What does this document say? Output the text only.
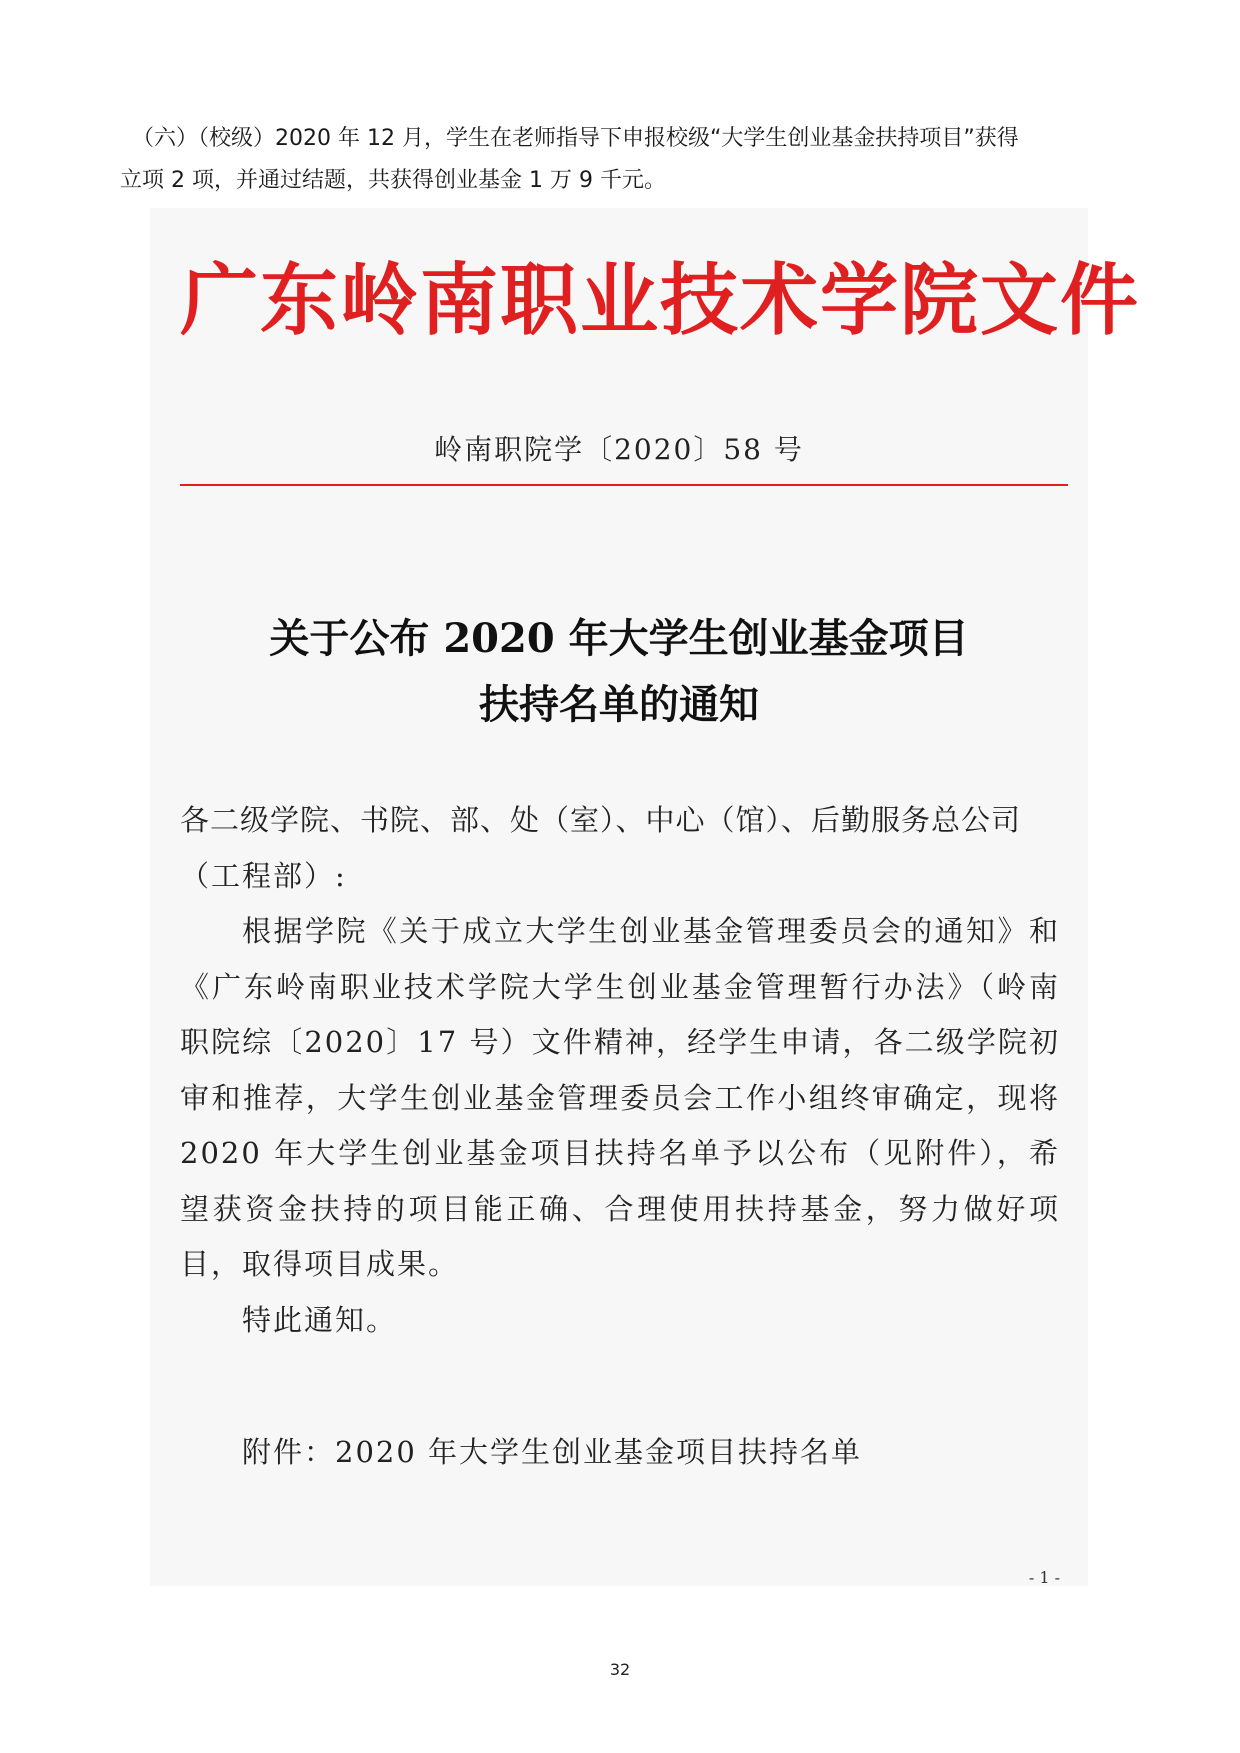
（六）（校级）2020 年 12 月，学生在老师指导下申报校级“大学生创业基金扶持项目”获得

立项 2 项，并通过结题，共获得创业基金 1 万 9 千元。

广东岭南职业技术学院文件
岭南职院学〔2020〕58 号
关于公布 2020 年大学生创业基金项目
扶持名单的通知

各二级学院、书院、部、处（室）、中心（馆）、后勤服务总公司

（工程部）:

根据学院《关于成立大学生创业基金管理委员会的通知》和《广东岭南职业技术学院大学生创业基金管理暂行办法》（岭南职院综〔2020〕17 号）文件精神，经学生申请，各二级学院初审和推荐，大学生创业基金管理委员会工作小组终审确定，现将 2020 年大学生创业基金项目扶持名单予以公布（见附件），希望获资金扶持的项目能正确、合理使用扶持基金，努力做好项目，取得项目成果。

特此通知。

附件：2020 年大学生创业基金项目扶持名单
- 1 -
32
